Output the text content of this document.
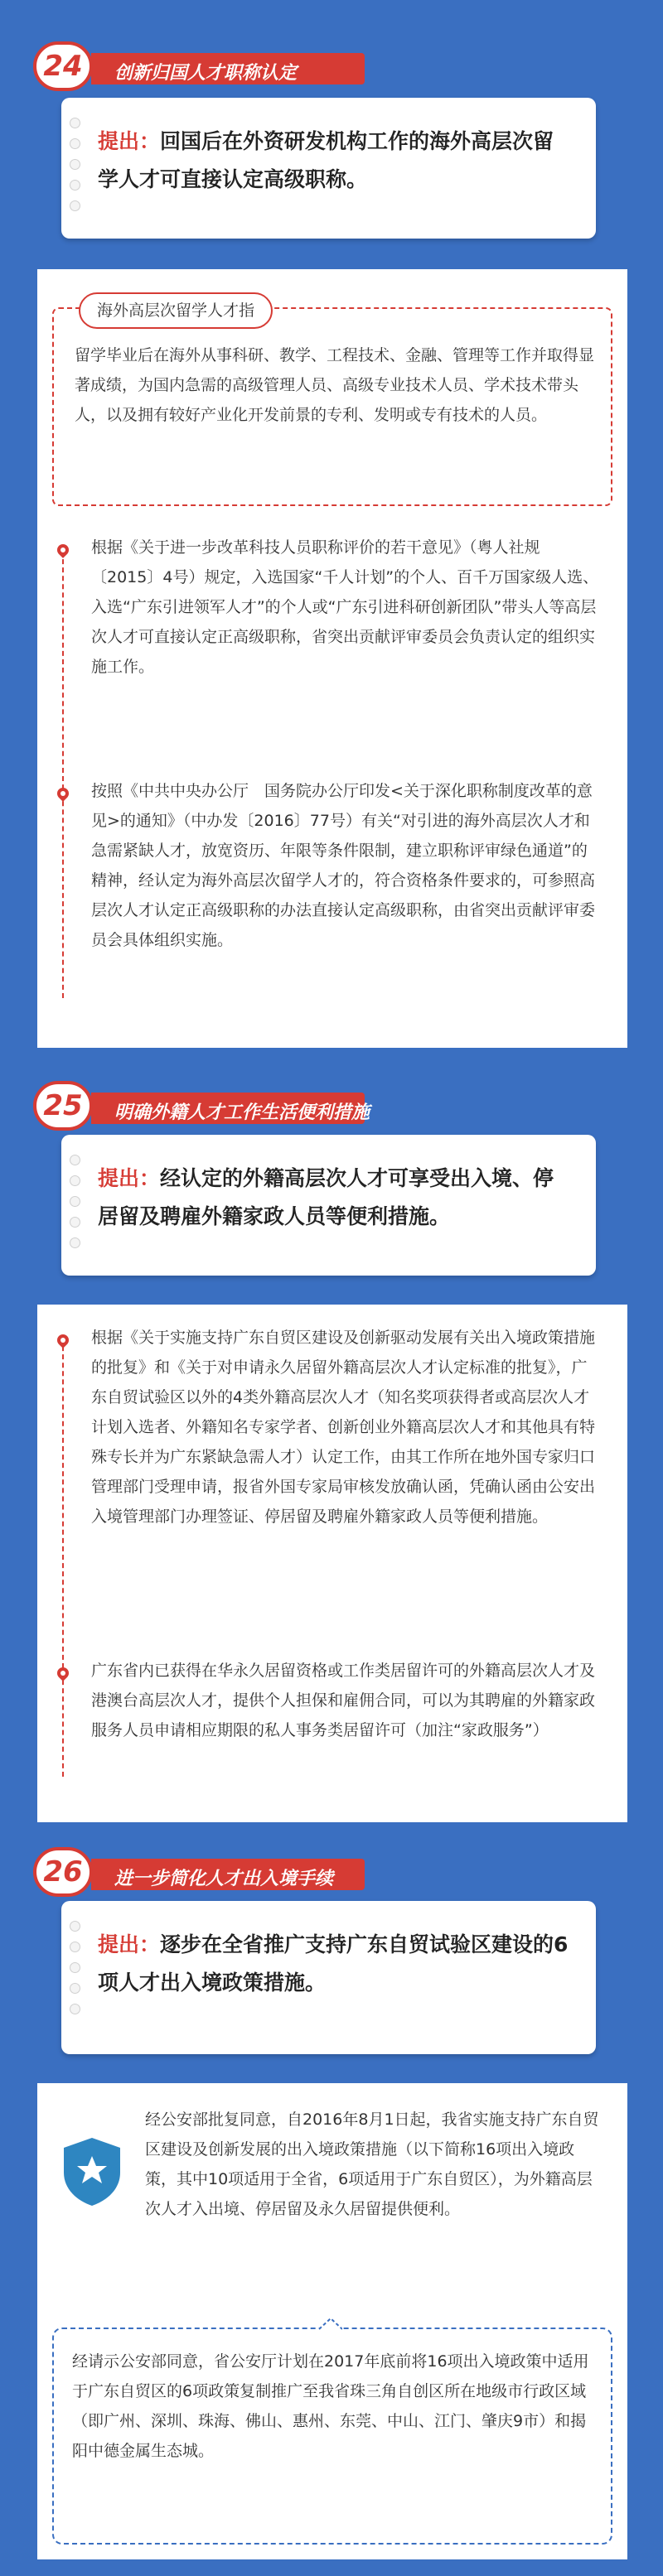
创新归国人才职称认定
24

提出：回国后在外资研发机构工作的海外高层次留学人才可直接认定高级职称。

海外高层次留学人才指
留学毕业后在海外从事科研、教学、工程技术、金融、管理等工作并取得显著成绩，为国内急需的高级管理人员、高级专业技术人员、学术技术带头人，以及拥有较好产业化开发前景的专利、发明或专有技术的人员。
根据《关于进一步改革科技人员职称评价的若干意见》（粤人社规〔2015〕4号）规定，入选国家“千人计划”的个人、百千万国家级人选、入选“广东引进领军人才”的个人或“广东引进科研创新团队”带头人等高层次人才可直接认定正高级职称，省突出贡献评审委员会负责认定的组织实施工作。
按照《中共中央办公厅　国务院办公厅印发<关于深化职称制度改革的意见>的通知》（中办发〔2016〕77号）有关“对引进的海外高层次人才和急需紧缺人才，放宽资历、年限等条件限制，建立职称评审绿色通道”的精神，经认定为海外高层次留学人才的，符合资格条件要求的，可参照高层次人才认定正高级职称的办法直接认定高级职称，由省突出贡献评审委员会具体组织实施。
明确外籍人才工作生活便利措施
25

提出：经认定的外籍高层次人才可享受出入境、停居留及聘雇外籍家政人员等便利措施。

根据《关于实施支持广东自贸区建设及创新驱动发展有关出入境政策措施的批复》和《关于对申请永久居留外籍高层次人才认定标准的批复》，广东自贸试验区以外的4类外籍高层次人才（知名奖项获得者或高层次人才计划入选者、外籍知名专家学者、创新创业外籍高层次人才和其他具有特殊专长并为广东紧缺急需人才）认定工作，由其工作所在地外国专家归口管理部门受理申请，报省外国专家局审核发放确认函，凭确认函由公安出入境管理部门办理签证、停居留及聘雇外籍家政人员等便利措施。
广东省内已获得在华永久居留资格或工作类居留许可的外籍高层次人才及港澳台高层次人才，提供个人担保和雇佣合同，可以为其聘雇的外籍家政服务人员申请相应期限的私人事务类居留许可（加注“家政服务”）
进一步简化人才出入境手续
26

提出：逐步在全省推广支持广东自贸试验区建设的6项人才出入境政策措施。

经公安部批复同意，自2016年8月1日起，我省实施支持广东自贸区建设及创新发展的出入境政策措施（以下简称16项出入境政策，其中10项适用于全省，6项适用于广东自贸区），为外籍高层次人才入出境、停居留及永久居留提供便利。
经请示公安部同意，省公安厅计划在2017年底前将16项出入境政策中适用于广东自贸区的6项政策复制推广至我省珠三角自创区所在地级市行政区域（即广州、深圳、珠海、佛山、惠州、东莞、中山、江门、肇庆9市）和揭阳中德金属生态城。
